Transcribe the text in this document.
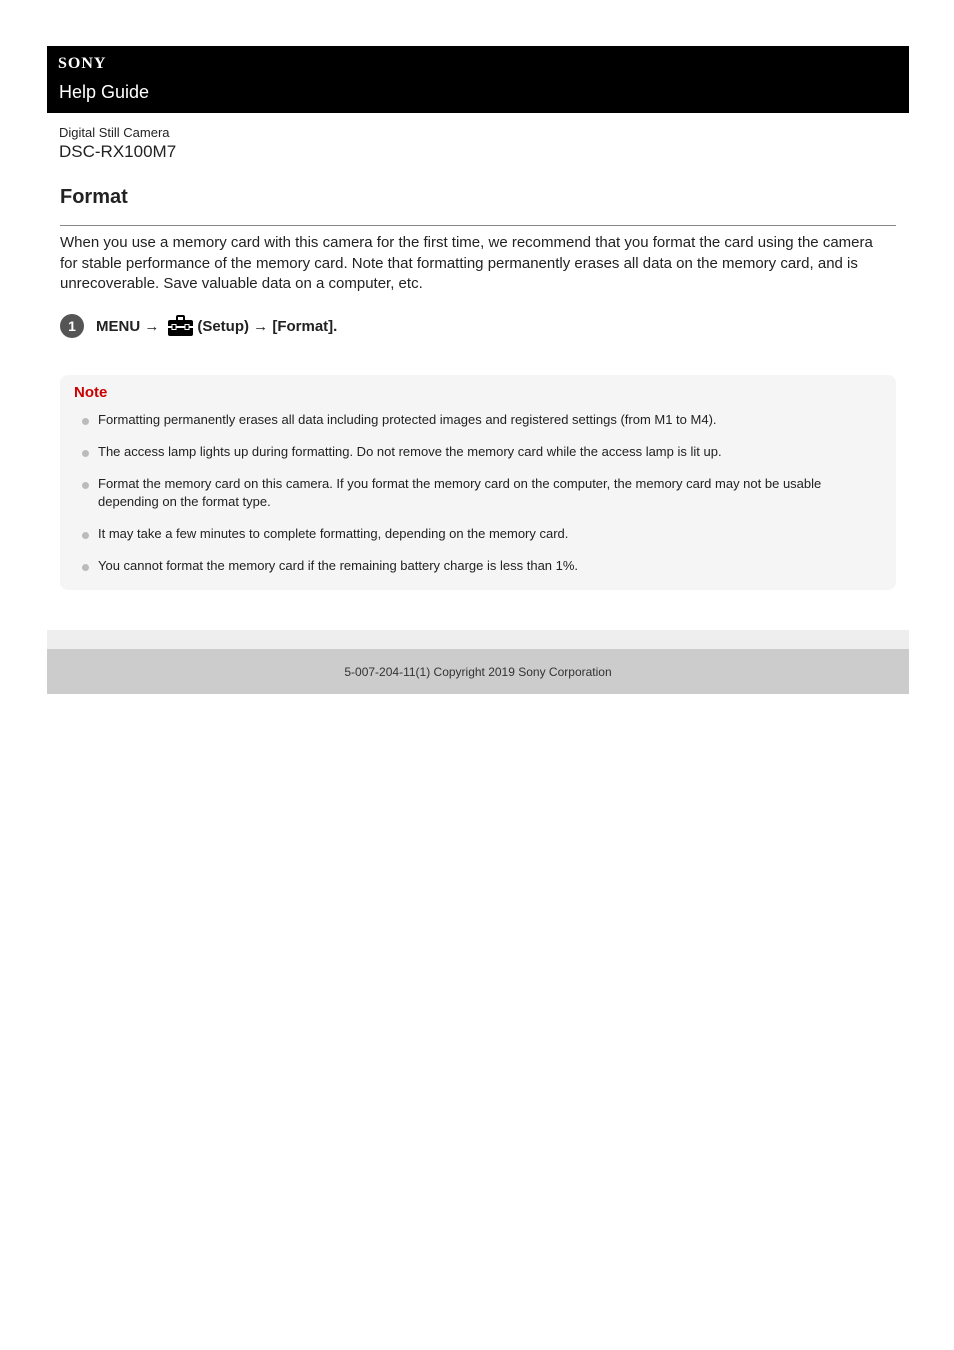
SONY
Help Guide
Digital Still Camera
DSC-RX100M7
Format

When you use a memory card with this camera for the first time, we recommend that you format the card using the camera for stable performance of the memory card. Note that formatting permanently erases all data on the memory card, and is unrecoverable. Save valuable data on a computer, etc.

1	MENU →	(Setup) → [Format].
Note
Formatting permanently erases all data including protected images and registered settings (from M1 to M4).
The access lamp lights up during formatting. Do not remove the memory card while the access lamp is lit up.
Format the memory card on this camera. If you format the memory card on the computer, the memory card may not be usable depending on the format type.
It may take a few minutes to complete formatting, depending on the memory card.
You cannot format the memory card if the remaining battery charge is less than 1%.
5-007-204-11(1) Copyright 2019 Sony Corporation
